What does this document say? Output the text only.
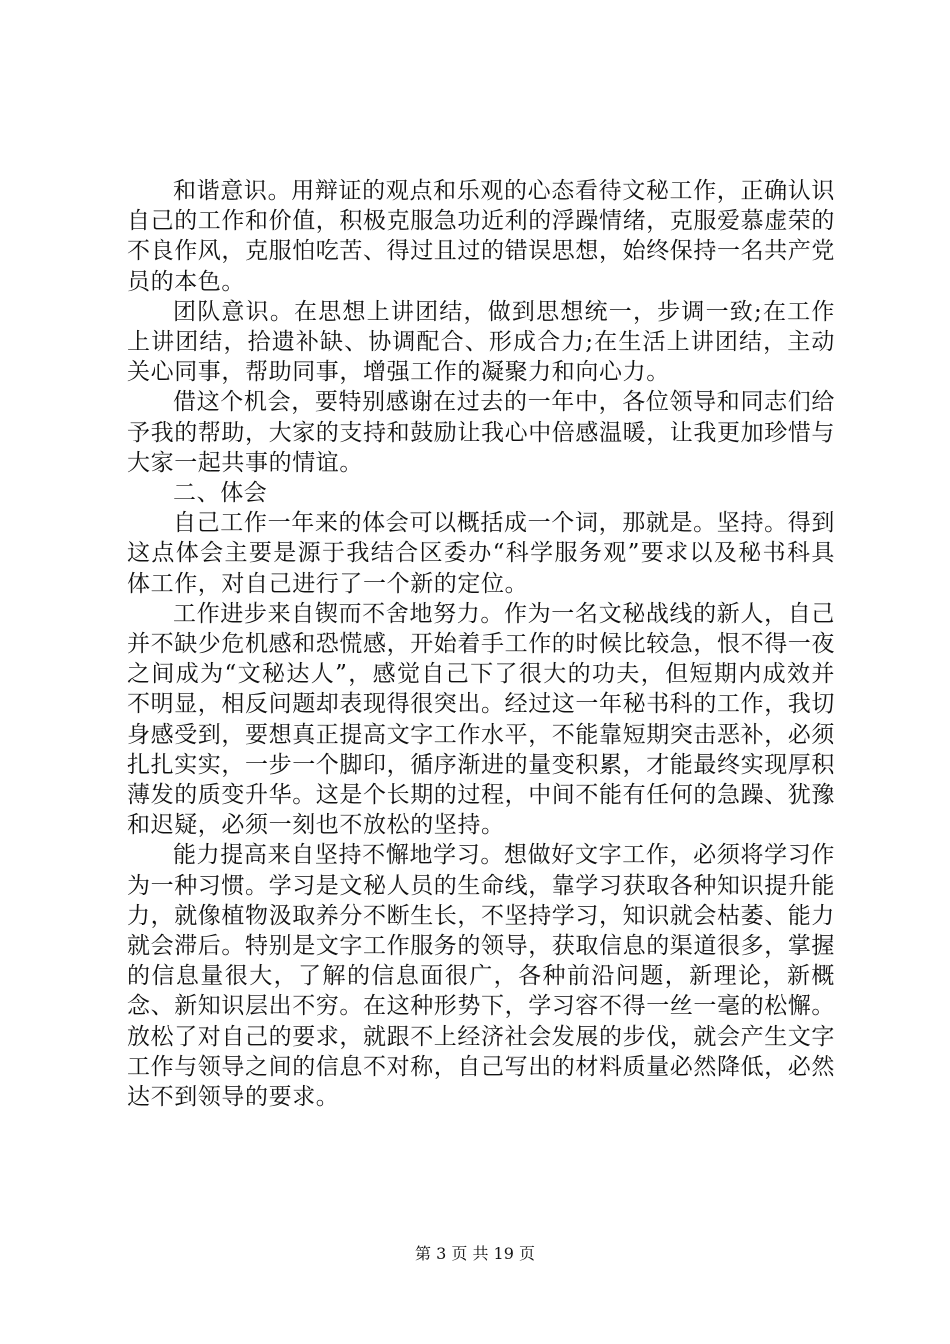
和谐意识。用辩证的观点和乐观的心态看待文秘工作，正确认识自己的工作和价值，积极克服急功近利的浮躁情绪，克服爱慕虚荣的不良作风，克服怕吃苦、得过且过的错误思想，始终保持一名共产党员的本色。

团队意识。在思想上讲团结，做到思想统一，步调一致;在工作上讲团结，拾遗补缺、协调配合、形成合力;在生活上讲团结，主动关心同事，帮助同事，增强工作的凝聚力和向心力。

借这个机会，要特别感谢在过去的一年中，各位领导和同志们给予我的帮助，大家的支持和鼓励让我心中倍感温暖，让我更加珍惜与大家一起共事的情谊。

二、体会

自己工作一年来的体会可以概括成一个词，那就是。坚持。得到这点体会主要是源于我结合区委办“科学服务观”要求以及秘书科具体工作，对自己进行了一个新的定位。

工作进步来自锲而不舍地努力。作为一名文秘战线的新人，自己并不缺少危机感和恐慌感，开始着手工作的时候比较急，恨不得一夜之间成为“文秘达人”，感觉自己下了很大的功夫，但短期内成效并不明显，相反问题却表现得很突出。经过这一年秘书科的工作，我切身感受到，要想真正提高文字工作水平，不能靠短期突击恶补，必须扎扎实实，一步一个脚印，循序渐进的量变积累，才能最终实现厚积薄发的质变升华。这是个长期的过程，中间不能有任何的急躁、犹豫和迟疑，必须一刻也不放松的坚持。

能力提高来自坚持不懈地学习。想做好文字工作，必须将学习作为一种习惯。学习是文秘人员的生命线，靠学习获取各种知识提升能力，就像植物汲取养分不断生长，不坚持学习，知识就会枯萎、能力就会滞后。特别是文字工作服务的领导，获取信息的渠道很多，掌握的信息量很大，了解的信息面很广，各种前沿问题，新理论，新概念、新知识层出不穷。在这种形势下，学习容不得一丝一毫的松懈。放松了对自己的要求，就跟不上经济社会发展的步伐，就会产生文字工作与领导之间的信息不对称，自己写出的材料质量必然降低，必然达不到领导的要求。

第 3 页 共 19 页
